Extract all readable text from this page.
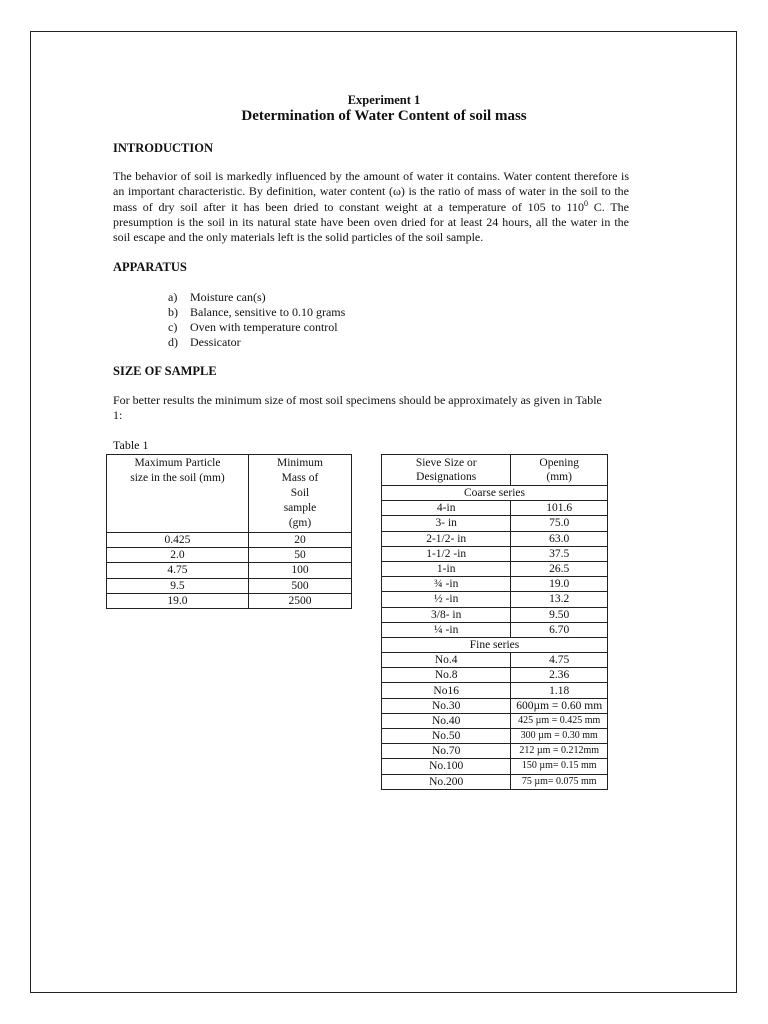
Experiment 1
Determination of Water Content of soil mass
INTRODUCTION

The behavior of soil is markedly influenced by the amount of water it contains. Water content therefore is an important characteristic. By definition, water content (ω) is the ratio of mass of water in the soil to the mass of dry soil after it has been dried to constant weight at a temperature of 105 to $110^0$ C. The presumption is the soil in its natural state have been oven dried for at least 24 hours, all the water in the soil escape and the only materials left is the solid particles of the soil sample.

APPARATUS
a) Moisture can(s)
b) Balance, sensitive to 0.10 grams
c) Oven with temperature control
d) Dessicator
SIZE OF SAMPLE

For better results the minimum size of most soil specimens should be approximately as given in Table 1:

Table 1
Maximum Particle size in the soil (mm)	Minimum Mass of Soil sample (gm)
0.425	20
2.0	50
4.75	100
9.5	500
19.0	2500
Sieve Size or Designations	Opening (mm)
Coarse series	
4-in	101.6
3- in	75.0
2-1/2- in	63.0
1-1/2 -in	37.5
1-in	26.5
¾ -in	19.0
½ -in	13.2
3/8- in	9.50
¼ -in	6.70
Fine series	
No.4	4.75
No.8	2.36
No16	1.18
No.30	600µm = 0.60 mm
No.40	425 µm = 0.425 mm
No.50	300 µm = 0.30 mm
No.70	212 µm = 0.212mm
No.100	150 µm= 0.15 mm
No.200	75 µm= 0.075 mm
